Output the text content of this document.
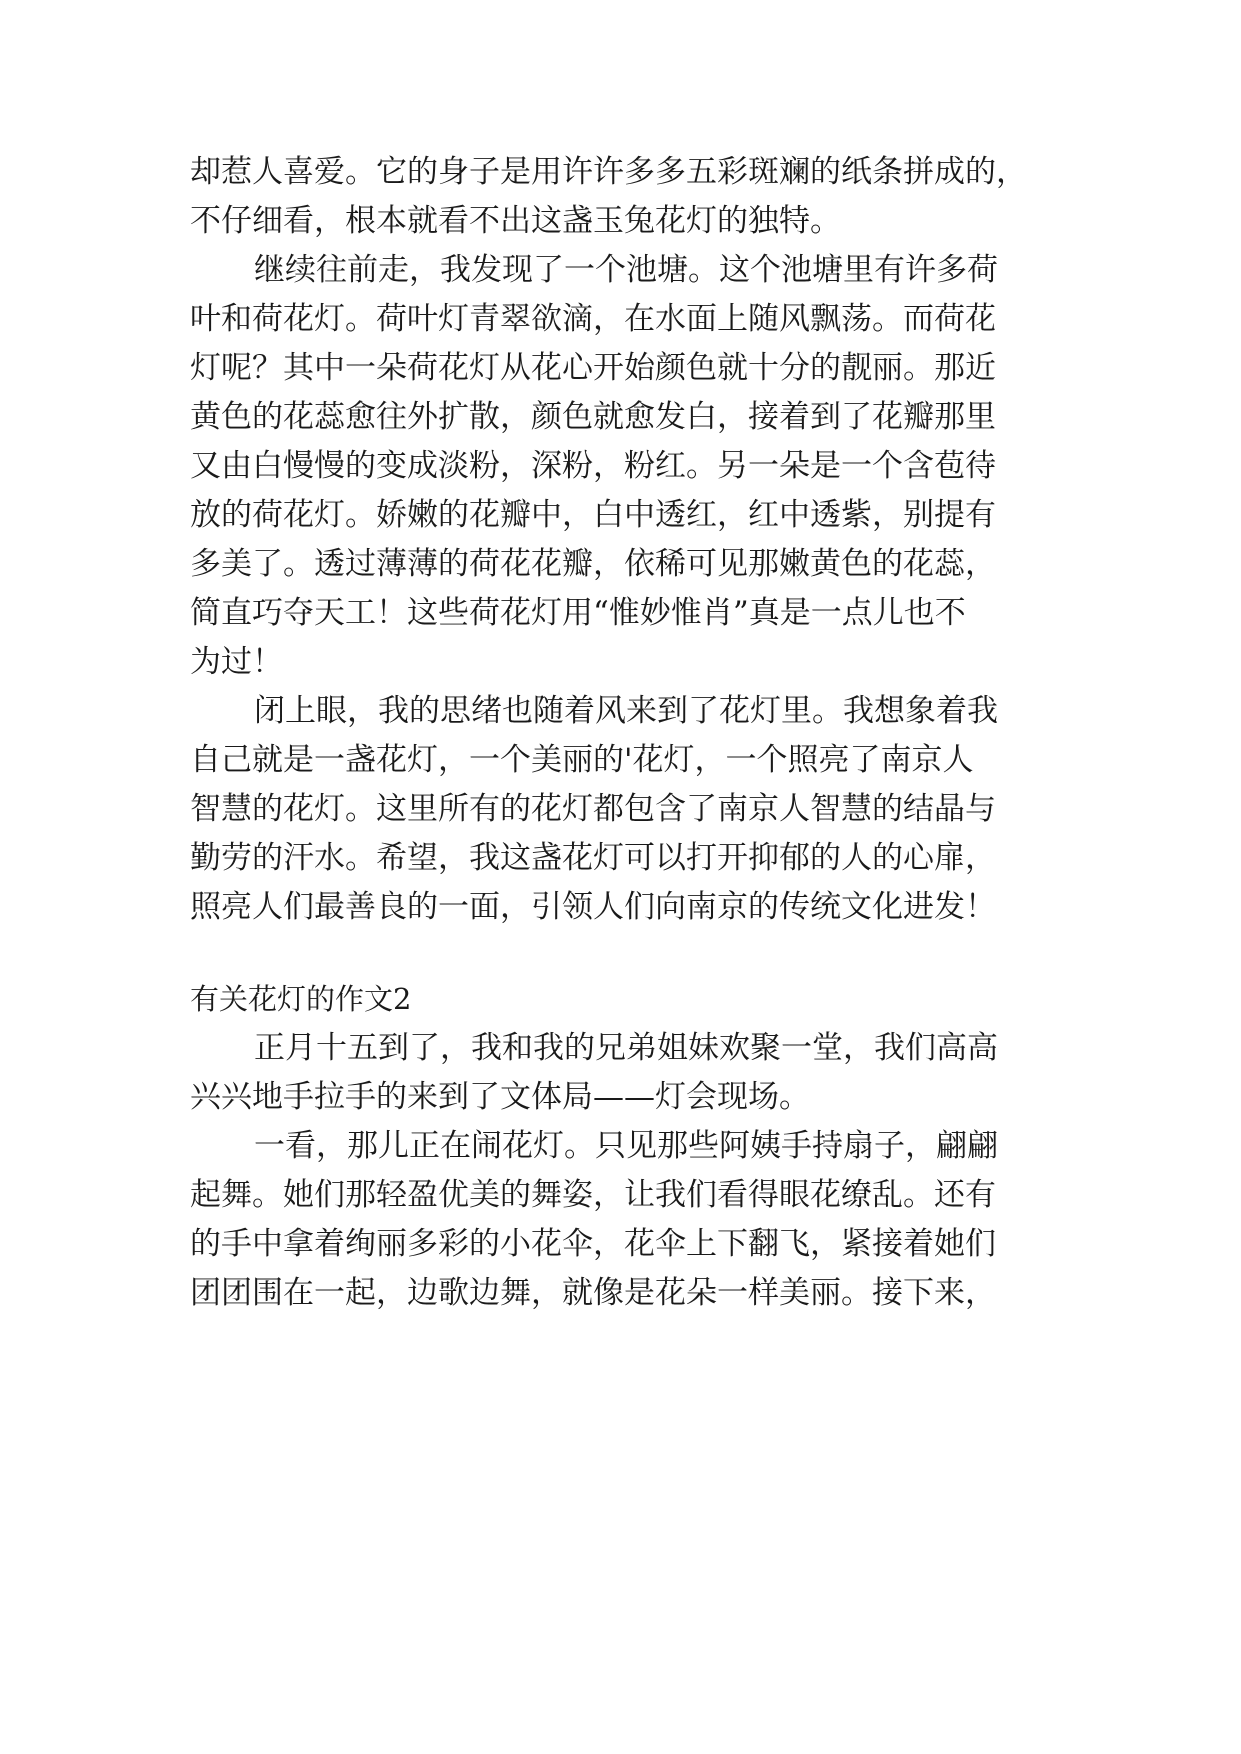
却惹人喜爱。它的身子是用许许多多五彩斑斓的纸条拼成的，
不仔细看，根本就看不出这盏玉兔花灯的独特。
继续往前走，我发现了一个池塘。这个池塘里有许多荷
叶和荷花灯。荷叶灯青翠欲滴，在水面上随风飘荡。而荷花
灯呢？其中一朵荷花灯从花心开始颜色就十分的靓丽。那近
黄色的花蕊愈往外扩散，颜色就愈发白，接着到了花瓣那里
又由白慢慢的变成淡粉，深粉，粉红。另一朵是一个含苞待
放的荷花灯。娇嫩的花瓣中，白中透红，红中透紫，别提有
多美了。透过薄薄的荷花花瓣，依稀可见那嫩黄色的花蕊，
简直巧夺天工！这些荷花灯用“惟妙惟肖”真是一点儿也不
为过！
闭上眼，我的思绪也随着风来到了花灯里。我想象着我
自己就是一盏花灯，一个美丽的'花灯，一个照亮了南京人
智慧的花灯。这里所有的花灯都包含了南京人智慧的结晶与
勤劳的汗水。希望，我这盏花灯可以打开抑郁的人的心扉，
照亮人们最善良的一面，引领人们向南京的传统文化进发！
有关花灯的作文2
正月十五到了，我和我的兄弟姐妹欢聚一堂，我们高高
兴兴地手拉手的来到了文体局——灯会现场。
一看，那儿正在闹花灯。只见那些阿姨手持扇子，翩翩
起舞。她们那轻盈优美的舞姿，让我们看得眼花缭乱。还有
的手中拿着绚丽多彩的小花伞，花伞上下翻飞，紧接着她们
团团围在一起，边歌边舞，就像是花朵一样美丽。接下来，
